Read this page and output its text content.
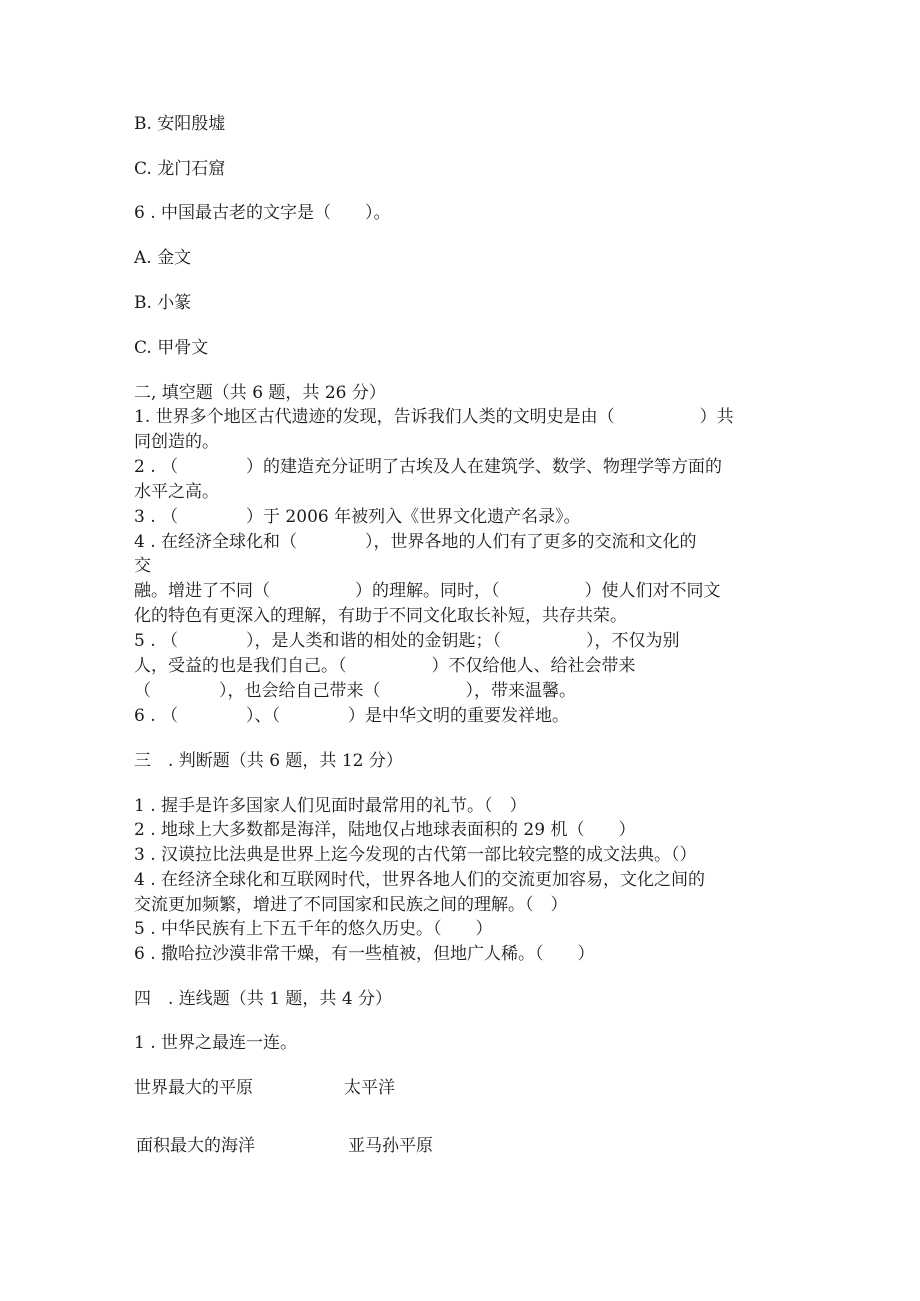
B. 安阳殷墟
C. 龙门石窟
6 . 中国最古老的文字是（　　）。
A. 金文
B. 小篆
C. 甲骨文
二, 填空题（共 6 题，共 26 分）
1. 世界多个地区古代遗迹的发现，告诉我们人类的文明史是由（　　　　　）共
同创造的。
2 . （　　　　）的建造充分证明了古埃及人在建筑学、数学、物理学等方面的
水平之高。
3 . （　　　　）于 2006 年被列入《世界文化遗产名录》。
4 . 在经济全球化和（　　　　），世界各地的人们有了更多的交流和文化的
交
融。增进了不同（　　　　　）的理解。同时，（　　　　　）使人们对不同文
化的特色有更深入的理解，有助于不同文化取长补短，共存共荣。
5 . （　　　　），是人类和谐的相处的金钥匙；（　　　　　），不仅为别
人，受益的也是我们自己。（　　　　　）不仅给他人、给社会带来
（　　　　），也会给自己带来（　　　　　），带来温馨。
6 . （　　　　）、（　　　　）是中华文明的重要发祥地。
三　. 判断题（共 6 题，共 12 分）
1 . 握手是许多国家人们见面时最常用的礼节。（　）
2 . 地球上大多数都是海洋，陆地仅占地球表面积的 29 机（　　）
3 . 汉谟拉比法典是世界上迄今发现的古代第一部比较完整的成文法典。（）
4 . 在经济全球化和互联网时代，世界各地人们的交流更加容易，文化之间的
交流更加频繁，增进了不同国家和民族之间的理解。（　）
5 . 中华民族有上下五千年的悠久历史。（　　）
6 . 撒哈拉沙漠非常干燥，有一些植被，但地广人稀。（　　）
四　. 连线题（共 1 题，共 4 分）
1 . 世界之最连一连。
世界最大的平原	太平洋
面积最大的海洋	亚马孙平原
